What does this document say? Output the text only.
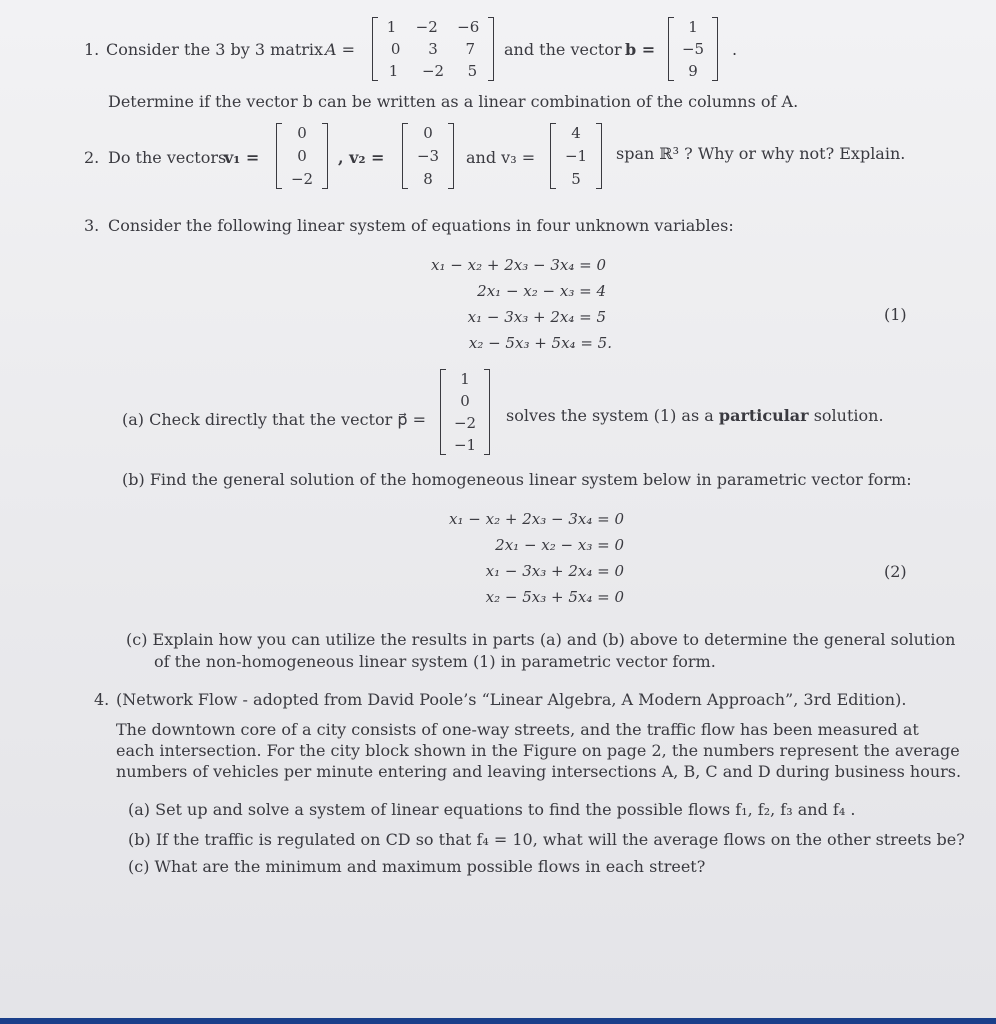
1. Consider the 3 by 3 matrix A =
1 −2 −6
0 3 7
1 −2 5
and the vector b =
1
−5
9
.
Determine if the vector b can be written as a linear combination of the columns of A.
2. Do the vectors
v₁ =
0
0
−2
, v₂ =
0
−3
8
and v₃ =
4
−1
5
span ℝ³ ? Why or why not? Explain.
3. Consider the following linear system of equations in four unknown variables:
x₁ − x₂ + 2x₃ − 3x₄ = 0
2x₁ − x₂ − x₃ = 4
x₁ − 3x₃ + 2x₄ = 5
x₂ − 5x₃ + 5x₄ = 5.
(1)
(a) Check directly that the vector p⃗ =
1
0
−2
−1
solves the system (1) as a particular solution.
(b) Find the general solution of the homogeneous linear system below in parametric vector form:
x₁ − x₂ + 2x₃ − 3x₄ = 0
2x₁ − x₂ − x₃ = 0
x₁ − 3x₃ + 2x₄ = 0
x₂ − 5x₃ + 5x₄ = 0
(2)
(c) Explain how you can utilize the results in parts (a) and (b) above to determine the general solution
of the non-homogeneous linear system (1) in parametric vector form.
4. (Network Flow - adopted from David Poole’s “Linear Algebra, A Modern Approach”, 3rd Edition).
The downtown core of a city consists of one-way streets, and the traffic flow has been measured at
each intersection. For the city block shown in the Figure on page 2, the numbers represent the average
numbers of vehicles per minute entering and leaving intersections A, B, C and D during business hours.
(a) Set up and solve a system of linear equations to find the possible flows f₁, f₂, f₃ and f₄ .
(b) If the traffic is regulated on CD so that f₄ = 10, what will the average flows on the other streets be?
(c) What are the minimum and maximum possible flows in each street?
